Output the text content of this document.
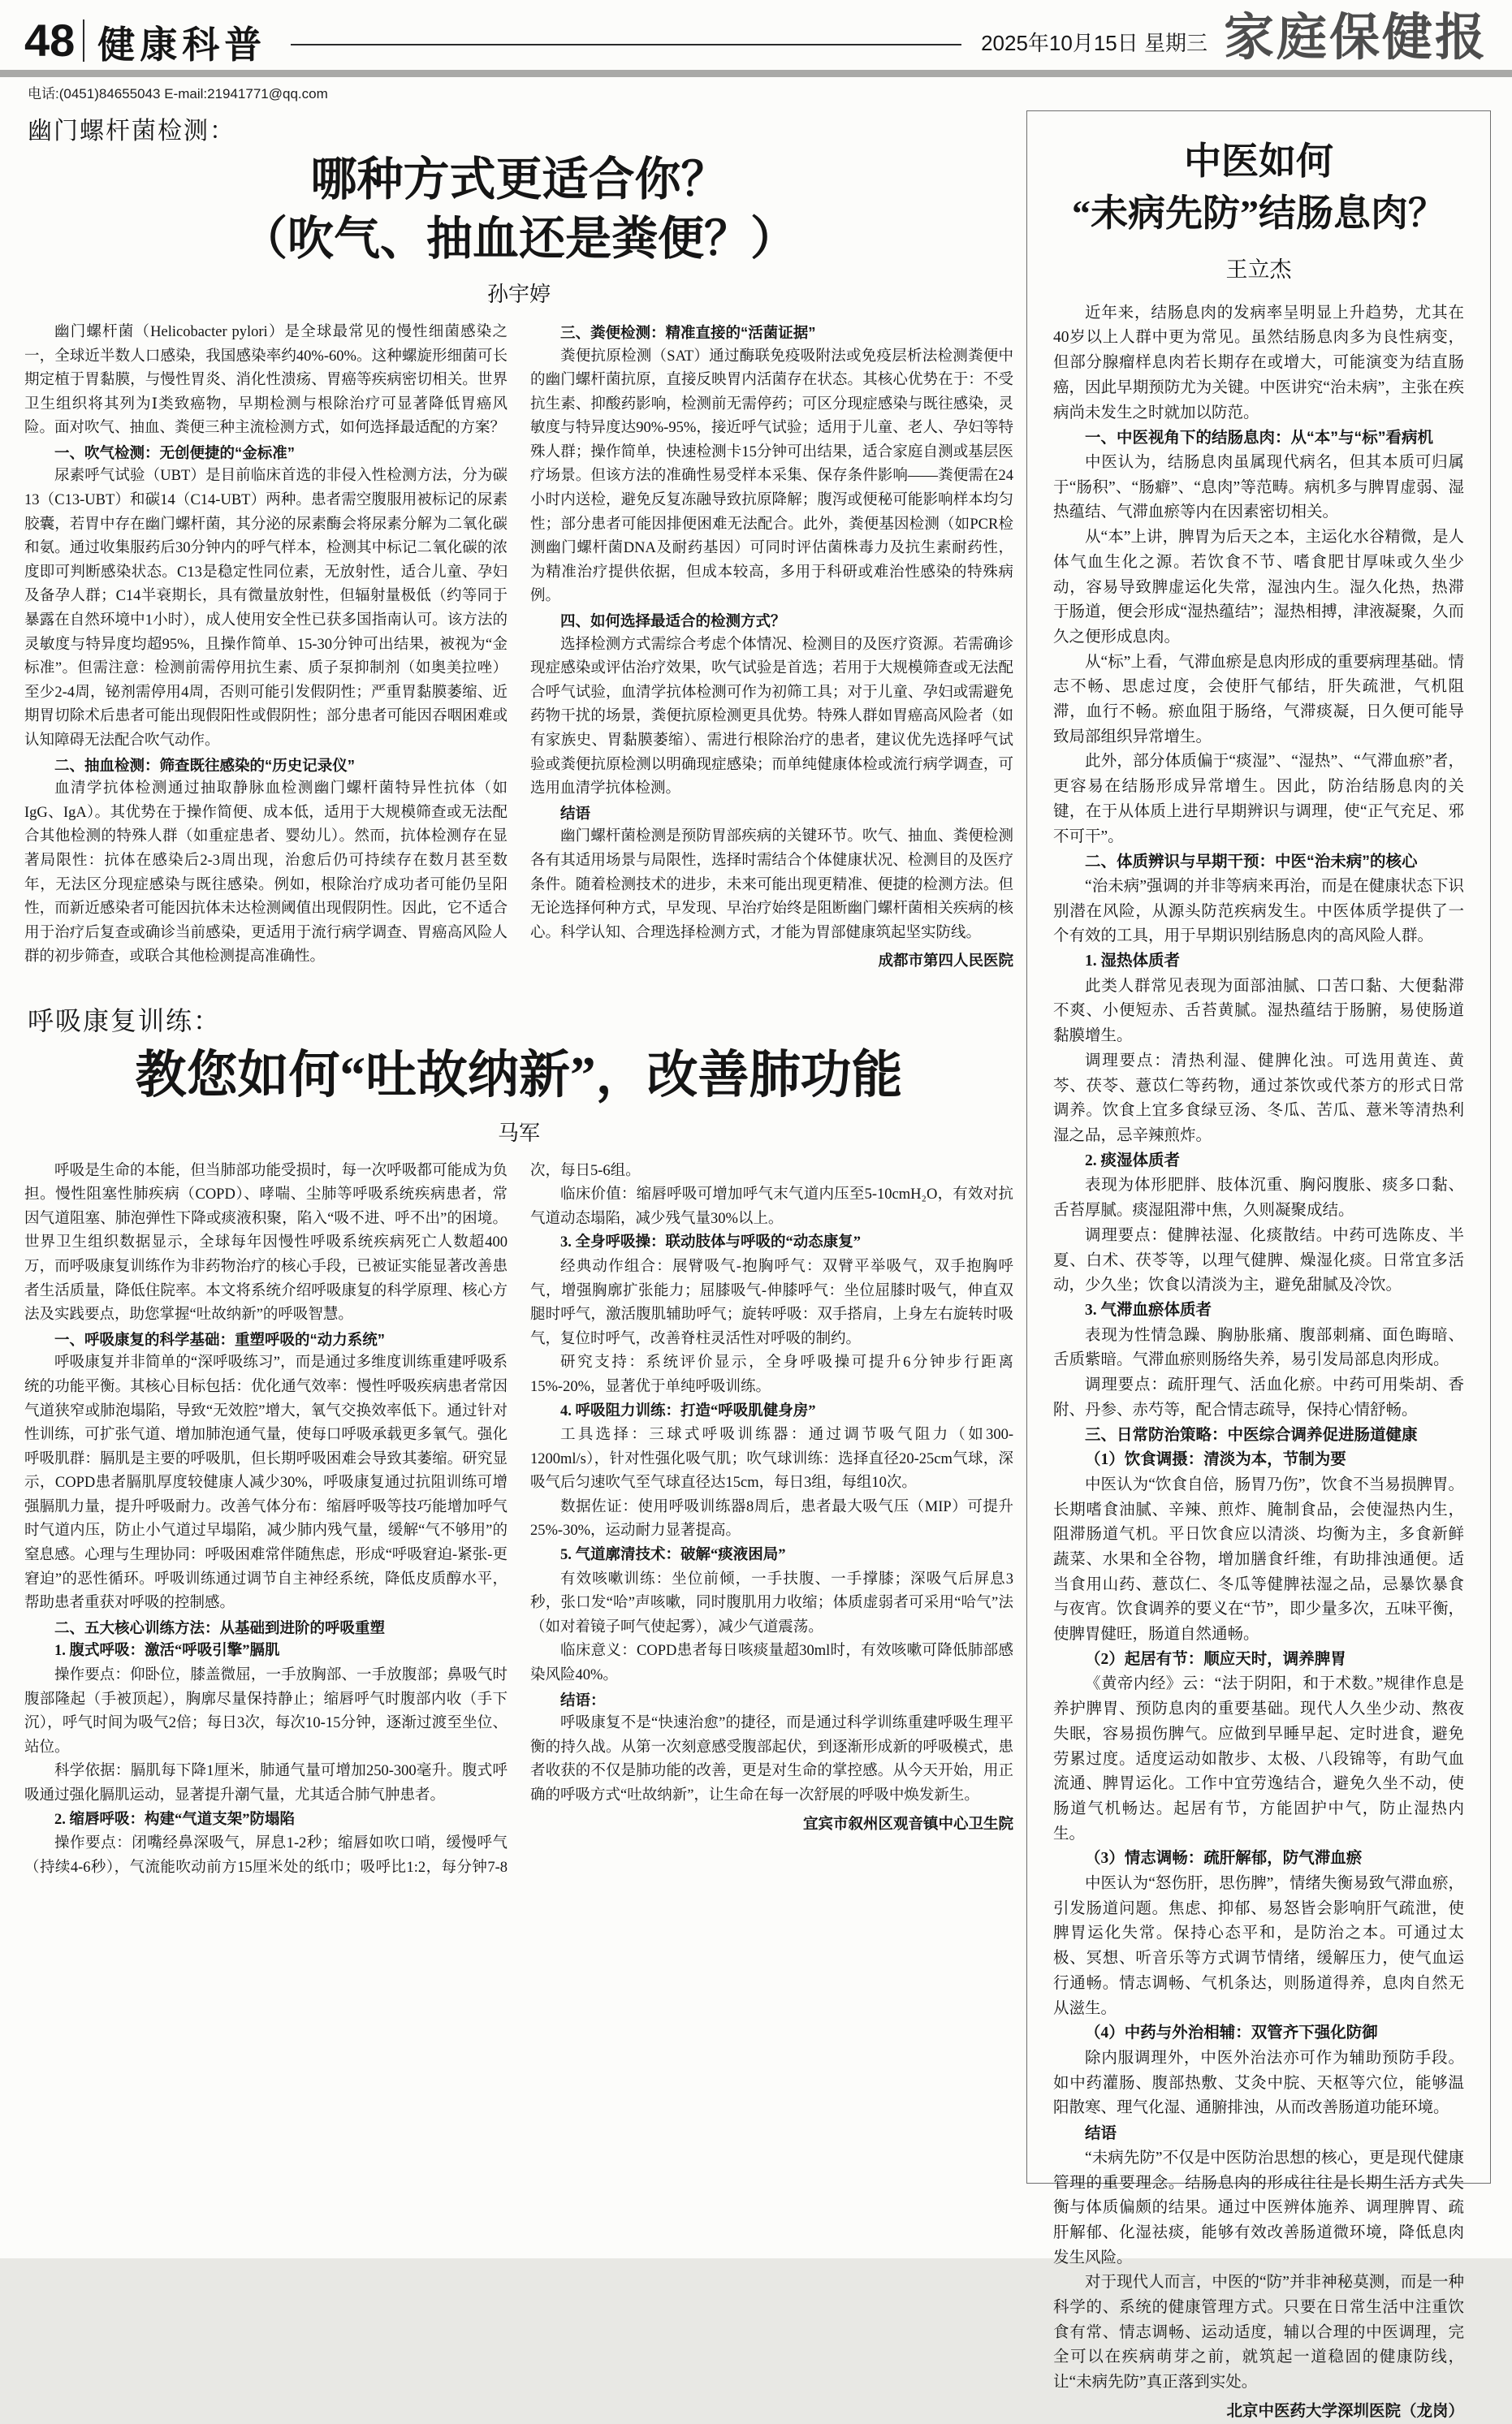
48 健康科普	2025年10月15日 星期三 家庭保健报
电话:(0451)84655043 E-mail:21941771@qq.com

幽门螺杆菌检测：

哪种方式更适合你？
（吹气、抽血还是粪便？）

孙宇婷

幽门螺杆菌（Helicobacter pylori）是全球最常见的慢性细菌感染之一，全球近半数人口感染，我国感染率约40%-60%。这种螺旋形细菌可长期定植于胃黏膜，与慢性胃炎、消化性溃疡、胃癌等疾病密切相关。世界卫生组织将其列为Ⅰ类致癌物，早期检测与根除治疗可显著降低胃癌风险。面对吹气、抽血、粪便三种主流检测方式，如何选择最适配的方案？

一、吹气检测：无创便捷的“金标准”

尿素呼气试验（UBT）是目前临床首选的非侵入性检测方法，分为碳13（C13-UBT）和碳14（C14-UBT）两种。患者需空腹服用被标记的尿素胶囊，若胃中存在幽门螺杆菌，其分泌的尿素酶会将尿素分解为二氧化碳和氨。通过收集服药后30分钟内的呼气样本，检测其中标记二氧化碳的浓度即可判断感染状态。C13是稳定性同位素，无放射性，适合儿童、孕妇及备孕人群；C14半衰期长，具有微量放射性，但辐射量极低（约等同于暴露在自然环境中1小时），成人使用安全性已获多国指南认可。该方法的灵敏度与特异度均超95%，且操作简单、15-30分钟可出结果，被视为“金标准”。但需注意：检测前需停用抗生素、质子泵抑制剂（如奥美拉唑）至少2-4周，铋剂需停用4周，否则可能引发假阴性；严重胃黏膜萎缩、近期胃切除术后患者可能出现假阳性或假阴性；部分患者可能因吞咽困难或认知障碍无法配合吹气动作。

二、抽血检测：筛查既往感染的“历史记录仪”

血清学抗体检测通过抽取静脉血检测幽门螺杆菌特异性抗体（如IgG、IgA）。其优势在于操作简便、成本低，适用于大规模筛查或无法配合其他检测的特殊人群（如重症患者、婴幼儿）。然而，抗体检测存在显著局限性：抗体在感染后2-3周出现，治愈后仍可持续存在数月甚至数年，无法区分现症感染与既往感染。例如，根除治疗成功者可能仍呈阳性，而新近感染者可能因抗体未达检测阈值出现假阴性。因此，它不适合用于治疗后复查或确诊当前感染，更适用于流行病学调查、胃癌高风险人群的初步筛查，或联合其他检测提高准确性。

三、粪便检测：精准直接的“活菌证据”

粪便抗原检测（SAT）通过酶联免疫吸附法或免疫层析法检测粪便中的幽门螺杆菌抗原，直接反映胃内活菌存在状态。其核心优势在于：不受抗生素、抑酸药影响，检测前无需停药；可区分现症感染与既往感染，灵敏度与特异度达90%-95%，接近呼气试验；适用于儿童、老人、孕妇等特殊人群；操作简单，快速检测卡15分钟可出结果，适合家庭自测或基层医疗场景。但该方法的准确性易受样本采集、保存条件影响——粪便需在24小时内送检，避免反复冻融导致抗原降解；腹泻或便秘可能影响样本均匀性；部分患者可能因排便困难无法配合。此外，粪便基因检测（如PCR检测幽门螺杆菌DNA及耐药基因）可同时评估菌株毒力及抗生素耐药性，为精准治疗提供依据，但成本较高，多用于科研或难治性感染的特殊病例。

四、如何选择最适合的检测方式？

选择检测方式需综合考虑个体情况、检测目的及医疗资源。若需确诊现症感染或评估治疗效果，吹气试验是首选；若用于大规模筛查或无法配合呼气试验，血清学抗体检测可作为初筛工具；对于儿童、孕妇或需避免药物干扰的场景，粪便抗原检测更具优势。特殊人群如胃癌高风险者（如有家族史、胃黏膜萎缩）、需进行根除治疗的患者，建议优先选择呼气试验或粪便抗原检测以明确现症感染；而单纯健康体检或流行病学调查，可选用血清学抗体检测。

结语

幽门螺杆菌检测是预防胃部疾病的关键环节。吹气、抽血、粪便检测各有其适用场景与局限性，选择时需结合个体健康状况、检测目的及医疗条件。随着检测技术的进步，未来可能出现更精准、便捷的检测方法。但无论选择何种方式，早发现、早治疗始终是阻断幽门螺杆菌相关疾病的核心。科学认知、合理选择检测方式，才能为胃部健康筑起坚实防线。

成都市第四人民医院

呼吸康复训练：

教您如何“吐故纳新”，改善肺功能

马军

呼吸是生命的本能，但当肺部功能受损时，每一次呼吸都可能成为负担。慢性阻塞性肺疾病（COPD）、哮喘、尘肺等呼吸系统疾病患者，常因气道阻塞、肺泡弹性下降或痰液积聚，陷入“吸不进、呼不出”的困境。世界卫生组织数据显示，全球每年因慢性呼吸系统疾病死亡人数超400万，而呼吸康复训练作为非药物治疗的核心手段，已被证实能显著改善患者生活质量，降低住院率。本文将系统介绍呼吸康复的科学原理、核心方法及实践要点，助您掌握“吐故纳新”的呼吸智慧。

一、呼吸康复的科学基础：重塑呼吸的“动力系统”

呼吸康复并非简单的“深呼吸练习”，而是通过多维度训练重建呼吸系统的功能平衡。其核心目标包括：优化通气效率：慢性呼吸疾病患者常因气道狭窄或肺泡塌陷，导致“无效腔”增大，氧气交换效率低下。通过针对性训练，可扩张气道、增加肺泡通气量，使每口呼吸承载更多氧气。强化呼吸肌群：膈肌是主要的呼吸肌，但长期呼吸困难会导致其萎缩。研究显示，COPD患者膈肌厚度较健康人减少30%，呼吸康复通过抗阻训练可增强膈肌力量，提升呼吸耐力。改善气体分布：缩唇呼吸等技巧能增加呼气时气道内压，防止小气道过早塌陷，减少肺内残气量，缓解“气不够用”的窒息感。心理与生理协同：呼吸困难常伴随焦虑，形成“呼吸窘迫-紧张-更窘迫”的恶性循环。呼吸训练通过调节自主神经系统，降低皮质醇水平，帮助患者重获对呼吸的控制感。

二、五大核心训练方法：从基础到进阶的呼吸重塑

1. 腹式呼吸：激活“呼吸引擎”膈肌

操作要点：仰卧位，膝盖微屈，一手放胸部、一手放腹部；鼻吸气时腹部隆起（手被顶起），胸廓尽量保持静止；缩唇呼气时腹部内收（手下沉），呼气时间为吸气2倍；每日3次，每次10-15分钟，逐渐过渡至坐位、站位。

科学依据：膈肌每下降1厘米，肺通气量可增加250-300毫升。腹式呼吸通过强化膈肌运动，显著提升潮气量，尤其适合肺气肿患者。

2. 缩唇呼吸：构建“气道支架”防塌陷

操作要点：闭嘴经鼻深吸气，屏息1-2秒；缩唇如吹口哨，缓慢呼气（持续4-6秒），气流能吹动前方15厘米处的纸巾；吸呼比1:2，每分钟7-8次，每日5-6组。

临床价值：缩唇呼吸可增加呼气末气道内压至5-10cmH₂O，有效对抗气道动态塌陷，减少残气量30%以上。

3. 全身呼吸操：联动肢体与呼吸的“动态康复”

经典动作组合：展臂吸气-抱胸呼气：双臂平举吸气，双手抱胸呼气，增强胸廓扩张能力；屈膝吸气-伸膝呼气：坐位屈膝时吸气，伸直双腿时呼气，激活腹肌辅助呼气；旋转呼吸：双手搭肩，上身左右旋转时吸气，复位时呼气，改善脊柱灵活性对呼吸的制约。

研究支持：系统评价显示，全身呼吸操可提升6分钟步行距离15%-20%，显著优于单纯呼吸训练。

4. 呼吸阻力训练：打造“呼吸肌健身房”

工具选择：三球式呼吸训练器：通过调节吸气阻力（如300-1200ml/s），针对性强化吸气肌；吹气球训练：选择直径20-25cm气球，深吸气后匀速吹气至气球直径达15cm，每日3组，每组10次。

数据佐证：使用呼吸训练器8周后，患者最大吸气压（MIP）可提升25%-30%，运动耐力显著提高。

5. 气道廓清技术：破解“痰液困局”

有效咳嗽训练：坐位前倾，一手扶腹、一手撑膝；深吸气后屏息3秒，张口发“哈”声咳嗽，同时腹肌用力收缩；体质虚弱者可采用“哈气”法（如对着镜子呵气使起雾），减少气道震荡。

临床意义：COPD患者每日咳痰量超30ml时，有效咳嗽可降低肺部感染风险40%。

结语：

呼吸康复不是“快速治愈”的捷径，而是通过科学训练重建呼吸生理平衡的持久战。从第一次刻意感受腹部起伏，到逐渐形成新的呼吸模式，患者收获的不仅是肺功能的改善，更是对生命的掌控感。从今天开始，用正确的呼吸方式“吐故纳新”，让生命在每一次舒展的呼吸中焕发新生。

宜宾市叙州区观音镇中心卫生院

中医如何
“未病先防”结肠息肉？

王立杰

近年来，结肠息肉的发病率呈明显上升趋势，尤其在40岁以上人群中更为常见。虽然结肠息肉多为良性病变，但部分腺瘤样息肉若长期存在或增大，可能演变为结直肠癌，因此早期预防尤为关键。中医讲究“治未病”，主张在疾病尚未发生之时就加以防范。

一、中医视角下的结肠息肉：从“本”与“标”看病机

中医认为，结肠息肉虽属现代病名，但其本质可归属于“肠积”、“肠癖”、“息肉”等范畴。病机多与脾胃虚弱、湿热蕴结、气滞血瘀等内在因素密切相关。

从“本”上讲，脾胃为后天之本，主运化水谷精微，是人体气血生化之源。若饮食不节、嗜食肥甘厚味或久坐少动，容易导致脾虚运化失常，湿浊内生。湿久化热，热滞于肠道，便会形成“湿热蕴结”；湿热相搏，津液凝聚，久而久之便形成息肉。

从“标”上看，气滞血瘀是息肉形成的重要病理基础。情志不畅、思虑过度，会使肝气郁结，肝失疏泄，气机阻滞，血行不畅。瘀血阻于肠络，气滞痰凝，日久便可能导致局部组织异常增生。

此外，部分体质偏于“痰湿”、“湿热”、“气滞血瘀”者，更容易在结肠形成异常增生。因此，防治结肠息肉的关键，在于从体质上进行早期辨识与调理，使“正气充足、邪不可干”。

二、体质辨识与早期干预：中医“治未病”的核心

“治未病”强调的并非等病来再治，而是在健康状态下识别潜在风险，从源头防范疾病发生。中医体质学提供了一个有效的工具，用于早期识别结肠息肉的高风险人群。

1. 湿热体质者

此类人群常见表现为面部油腻、口苦口黏、大便黏滞不爽、小便短赤、舌苔黄腻。湿热蕴结于肠腑，易使肠道黏膜增生。

调理要点：清热利湿、健脾化浊。可选用黄连、黄芩、茯苓、薏苡仁等药物，通过茶饮或代茶方的形式日常调养。饮食上宜多食绿豆汤、冬瓜、苦瓜、薏米等清热利湿之品，忌辛辣煎炸。

2. 痰湿体质者

表现为体形肥胖、肢体沉重、胸闷腹胀、痰多口黏、舌苔厚腻。痰湿阻滞中焦，久则凝聚成结。

调理要点：健脾祛湿、化痰散结。中药可选陈皮、半夏、白术、茯苓等，以理气健脾、燥湿化痰。日常宜多活动，少久坐；饮食以清淡为主，避免甜腻及冷饮。

3. 气滞血瘀体质者

表现为性情急躁、胸胁胀痛、腹部刺痛、面色晦暗、舌质紫暗。气滞血瘀则肠络失养，易引发局部息肉形成。

调理要点：疏肝理气、活血化瘀。中药可用柴胡、香附、丹参、赤芍等，配合情志疏导，保持心情舒畅。

三、日常防治策略：中医综合调养促进肠道健康

（1）饮食调摄：清淡为本，节制为要

中医认为“饮食自倍，肠胃乃伤”，饮食不当易损脾胃。长期嗜食油腻、辛辣、煎炸、腌制食品，会使湿热内生，阻滞肠道气机。平日饮食应以清淡、均衡为主，多食新鲜蔬菜、水果和全谷物，增加膳食纤维，有助排浊通便。适当食用山药、薏苡仁、冬瓜等健脾祛湿之品，忌暴饮暴食与夜宵。饮食调养的要义在“节”，即少量多次，五味平衡，使脾胃健旺，肠道自然通畅。

（2）起居有节：顺应天时，调养脾胃

《黄帝内经》云：“法于阴阳，和于术数。”规律作息是养护脾胃、预防息肉的重要基础。现代人久坐少动、熬夜失眠，容易损伤脾气。应做到早睡早起、定时进食，避免劳累过度。适度运动如散步、太极、八段锦等，有助气血流通、脾胃运化。工作中宜劳逸结合，避免久坐不动，使肠道气机畅达。起居有节，方能固护中气，防止湿热内生。

（3）情志调畅：疏肝解郁，防气滞血瘀

中医认为“怒伤肝，思伤脾”，情绪失衡易致气滞血瘀，引发肠道问题。焦虑、抑郁、易怒皆会影响肝气疏泄，使脾胃运化失常。保持心态平和，是防治之本。可通过太极、冥想、听音乐等方式调节情绪，缓解压力，使气血运行通畅。情志调畅、气机条达，则肠道得养，息肉自然无从滋生。

（4）中药与外治相辅：双管齐下强化防御

除内服调理外，中医外治法亦可作为辅助预防手段。如中药灌肠、腹部热敷、艾灸中脘、天枢等穴位，能够温阳散寒、理气化湿、通腑排浊，从而改善肠道功能环境。

结语

“未病先防”不仅是中医防治思想的核心，更是现代健康管理的重要理念。结肠息肉的形成往往是长期生活方式失衡与体质偏颇的结果。通过中医辨体施养、调理脾胃、疏肝解郁、化湿祛痰，能够有效改善肠道微环境，降低息肉发生风险。

对于现代人而言，中医的“防”并非神秘莫测，而是一种科学的、系统的健康管理方式。只要在日常生活中注重饮食有常、情志调畅、运动适度，辅以合理的中医调理，完全可以在疾病萌芽之前，就筑起一道稳固的健康防线，让“未病先防”真正落到实处。

北京中医药大学深圳医院（龙岗）
